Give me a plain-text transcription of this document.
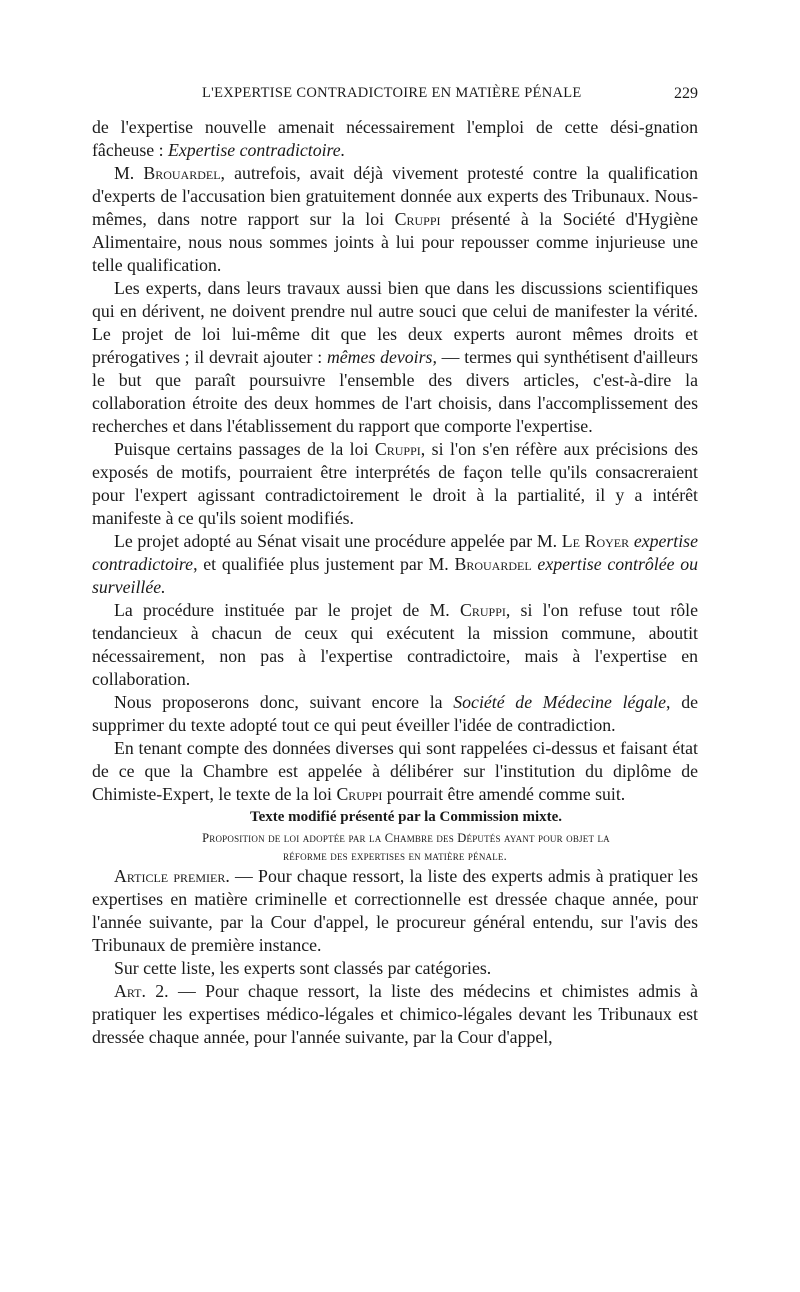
L'EXPERTISE CONTRADICTOIRE EN MATIÈRE PÉNALE	229

de l'expertise nouvelle amenait nécessairement l'emploi de cette dési-gnation fâcheuse : Expertise contradictoire.

M. Brouardel, autrefois, avait déjà vivement protesté contre la qualification d'experts de l'accusation bien gratuitement donnée aux experts des Tribunaux. Nous-mêmes, dans notre rapport sur la loi Cruppi présenté à la Société d'Hygiène Alimentaire, nous nous sommes joints à lui pour repousser comme injurieuse une telle qualification.

Les experts, dans leurs travaux aussi bien que dans les discussions scientifiques qui en dérivent, ne doivent prendre nul autre souci que celui de manifester la vérité. Le projet de loi lui-même dit que les deux experts auront mêmes droits et prérogatives ; il devrait ajouter : mêmes devoirs, — termes qui synthétisent d'ailleurs le but que paraît poursuivre l'ensemble des divers articles, c'est-à-dire la collaboration étroite des deux hommes de l'art choisis, dans l'accomplissement des recherches et dans l'établissement du rapport que comporte l'expertise.

Puisque certains passages de la loi Cruppi, si l'on s'en réfère aux précisions des exposés de motifs, pourraient être interprétés de façon telle qu'ils consacreraient pour l'expert agissant contradictoirement le droit à la partialité, il y a intérêt manifeste à ce qu'ils soient modifiés.

Le projet adopté au Sénat visait une procédure appelée par M. Le Royer expertise contradictoire, et qualifiée plus justement par M. Brouardel expertise contrôlée ou surveillée.

La procédure instituée par le projet de M. Cruppi, si l'on refuse tout rôle tendancieux à chacun de ceux qui exécutent la mission commune, aboutit nécessairement, non pas à l'expertise contradictoire, mais à l'expertise en collaboration.

Nous proposerons donc, suivant encore la Société de Médecine légale, de supprimer du texte adopté tout ce qui peut éveiller l'idée de contradiction.

En tenant compte des données diverses qui sont rappelées ci-dessus et faisant état de ce que la Chambre est appelée à délibérer sur l'institution du diplôme de Chimiste-Expert, le texte de la loi Cruppi pourrait être amendé comme suit.

Texte modifié présenté par la Commission mixte.

Proposition de loi adoptée par la Chambre des Députés ayant pour objet la
réforme des expertises en matière pénale.

Article premier. — Pour chaque ressort, la liste des experts admis à pratiquer les expertises en matière criminelle et correctionnelle est dressée chaque année, pour l'année suivante, par la Cour d'appel, le procureur général entendu, sur l'avis des Tribunaux de première instance.

Sur cette liste, les experts sont classés par catégories.

Art. 2. — Pour chaque ressort, la liste des médecins et chimistes admis à pratiquer les expertises médico-légales et chimico-légales devant les Tribunaux est dressée chaque année, pour l'année suivante, par la Cour d'appel,
